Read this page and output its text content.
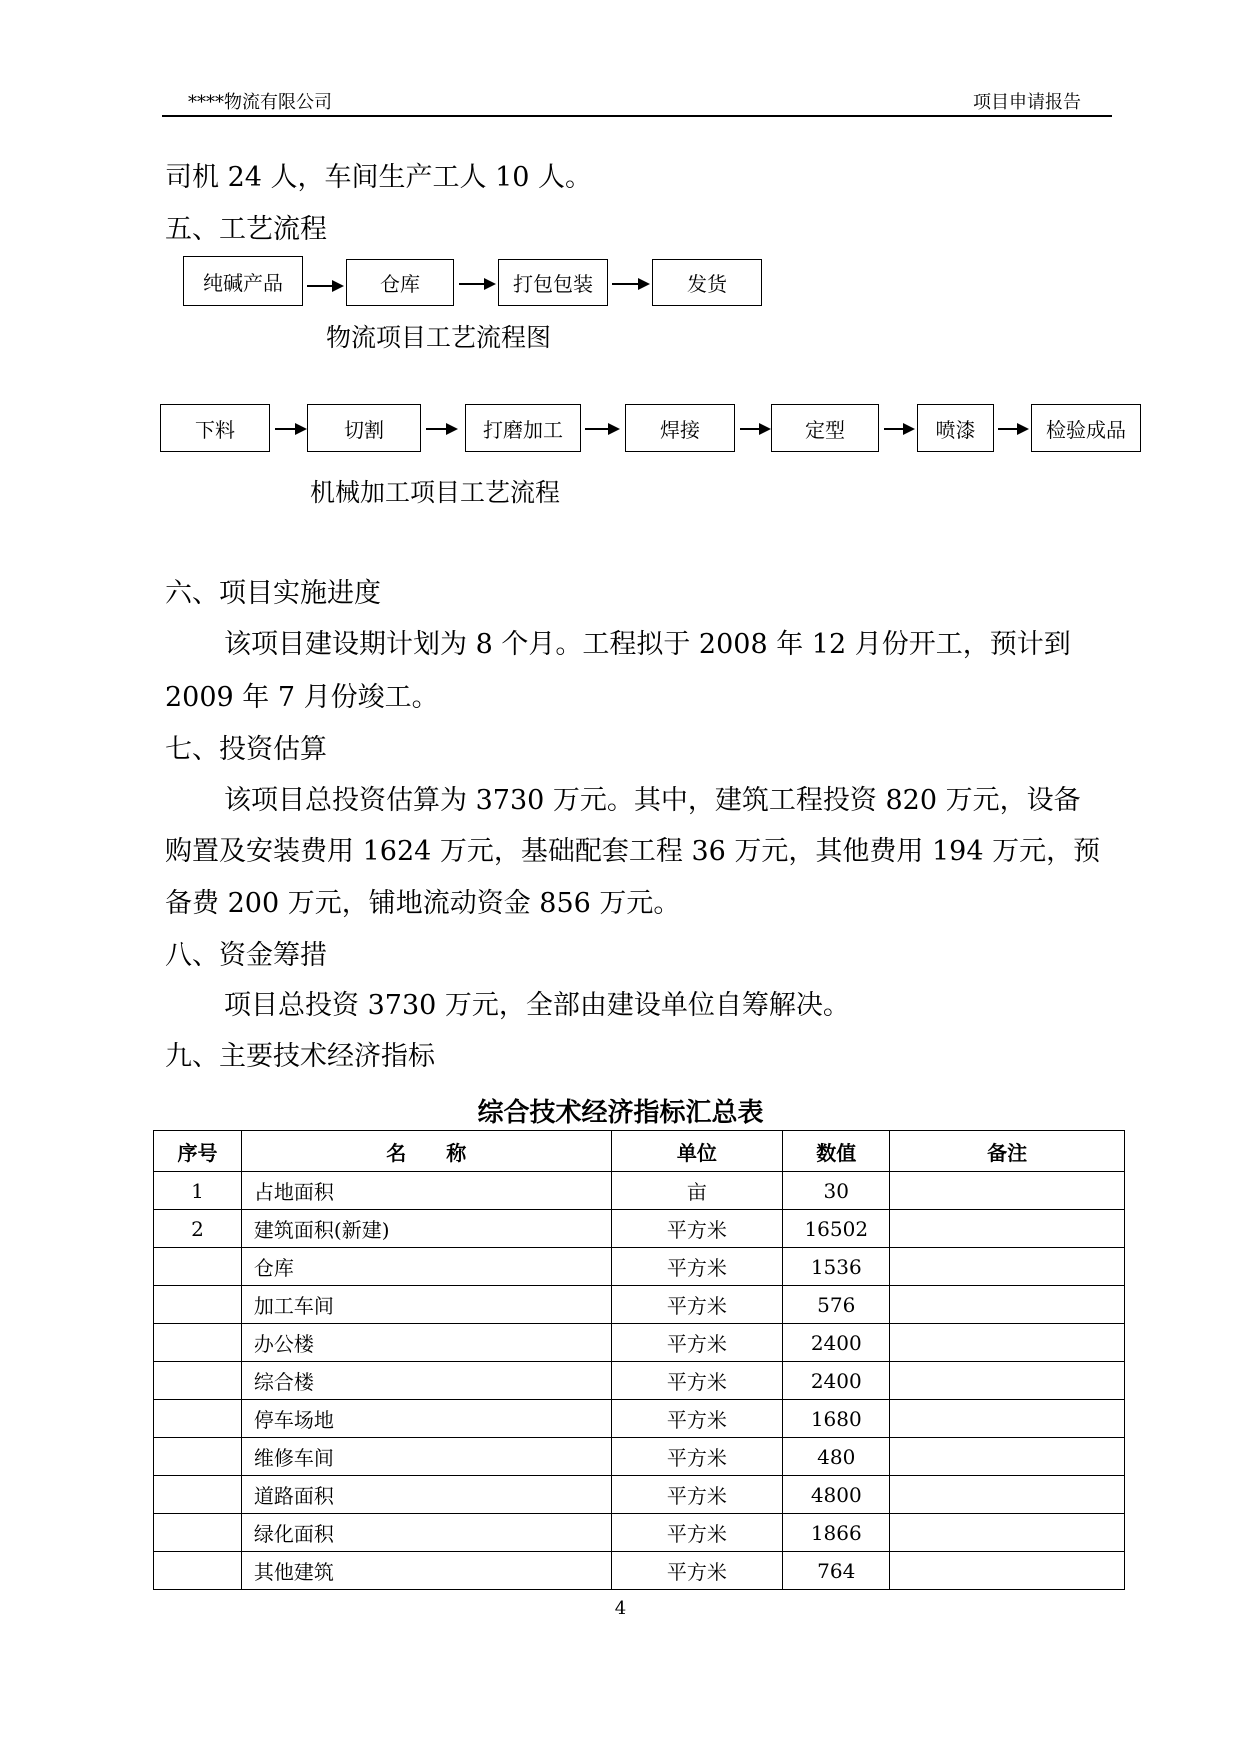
****物流有限公司	项目申请报告
司机 24 人，车间生产工人 10 人。
五、工艺流程
纯碱产品	仓库	打包包装	发货
物流项目工艺流程图
下料	切割	打磨加工	焊接	定型	喷漆	检验成品
机械加工项目工艺流程
六、项目实施进度
该项目建设期计划为 8 个月。工程拟于 2008 年 12 月份开工，预计到
2009 年 7 月份竣工。
七、投资估算
该项目总投资估算为 3730 万元。其中，建筑工程投资 820 万元，设备
购置及安装费用 1624 万元，基础配套工程 36 万元，其他费用 194 万元，预
备费 200 万元，铺地流动资金 856 万元。
八、资金筹措
项目总投资 3730 万元，全部由建设单位自筹解决。
九、主要技术经济指标
综合技术经济指标汇总表
序号	名　　称	单位	数值	备注
1	占地面积	亩	30	
2	建筑面积(新建)	平方米	16502	
	仓库	平方米	1536	
	加工车间	平方米	576	
	办公楼	平方米	2400	
	综合楼	平方米	2400	
	停车场地	平方米	1680	
	维修车间	平方米	480	
	道路面积	平方米	4800	
	绿化面积	平方米	1866	
	其他建筑	平方米	764	
4
